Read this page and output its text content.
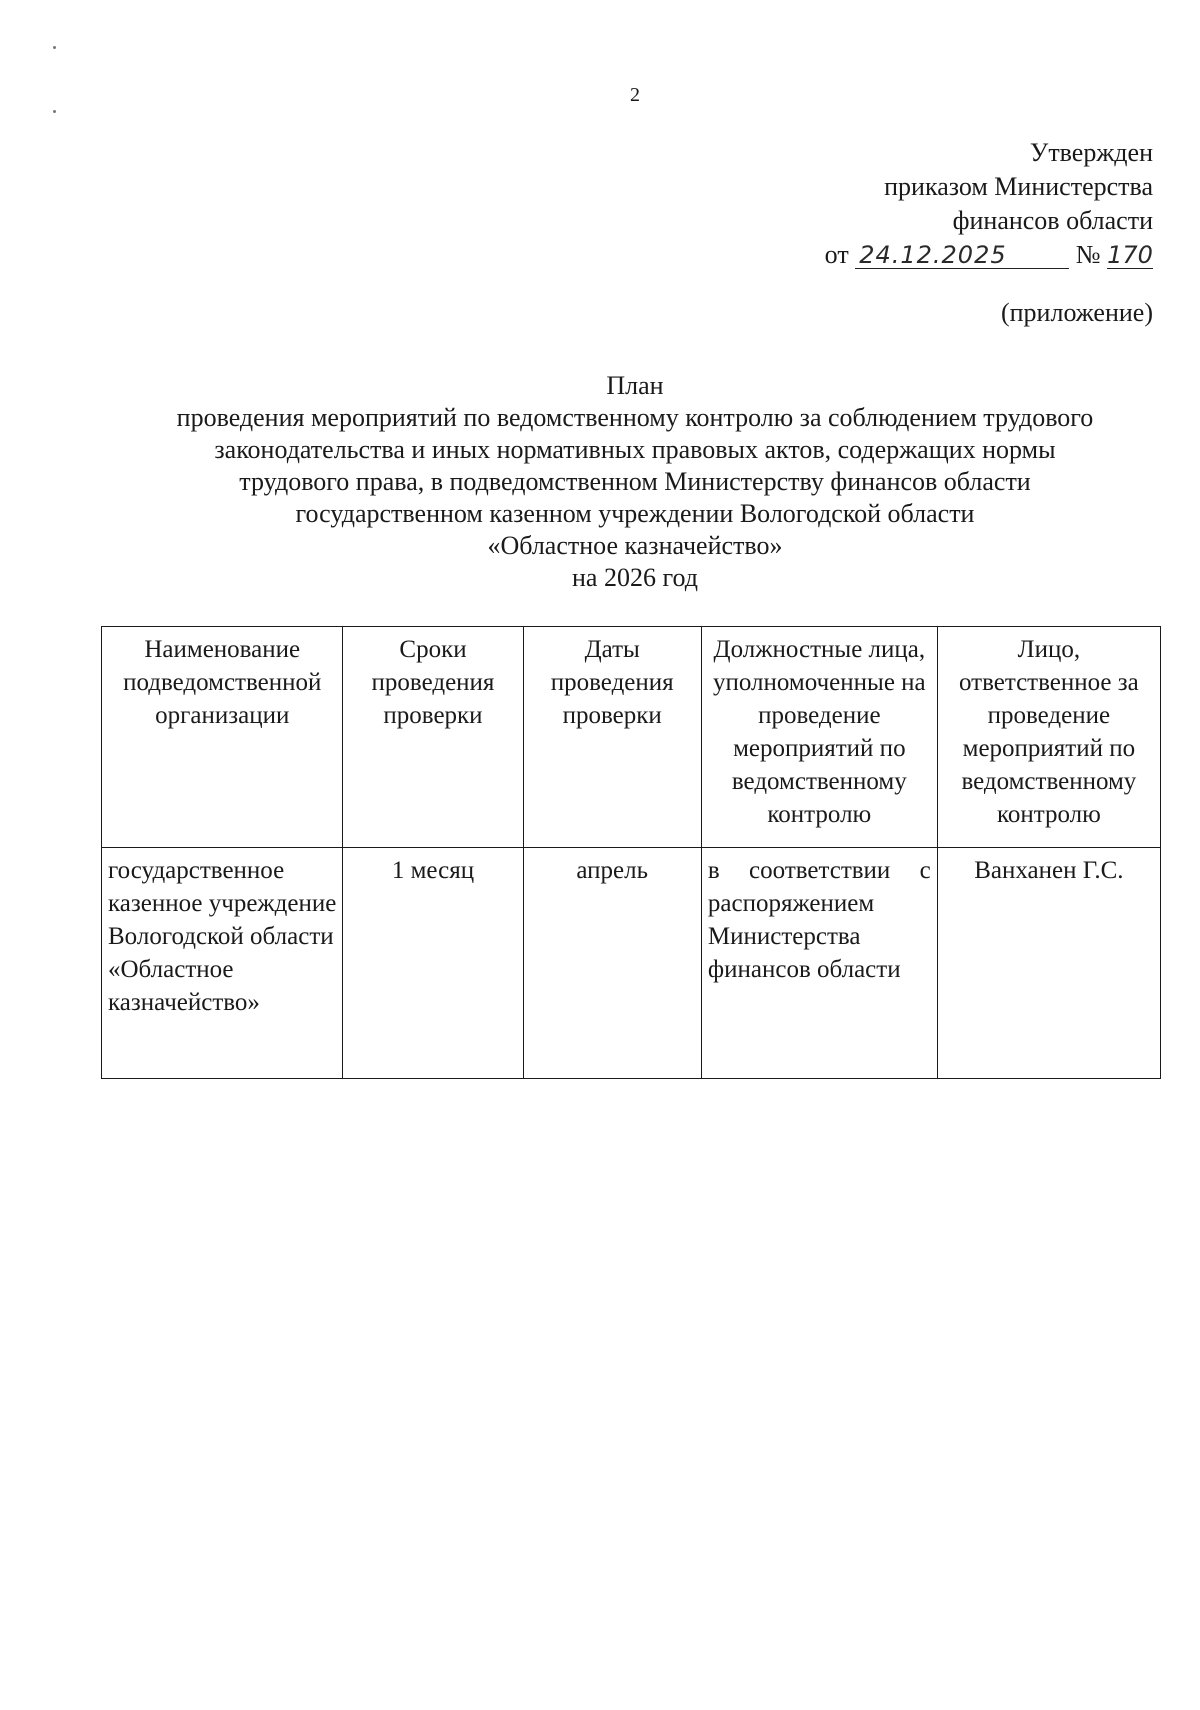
2
Утвержден
приказом Министерства
финансов области
от 24.12.2025	№ 170
(приложение)
План
проведения мероприятий по ведомственному контролю за соблюдением трудового
законодательства и иных нормативных правовых актов, содержащих нормы
трудового права, в подведомственном Министерству финансов области
государственном казенном учреждении Вологодской области
«Областное казначейство»
на 2026 год
Наименование подведомственной организации	Сроки проведения проверки	Даты проведения проверки	Должностные лица, уполномоченные на проведение мероприятий по ведомственному контролю	Лицо, ответственное за проведение мероприятий по ведомственному контролю
государственное казенное учреждение Вологодской области «Областное казначейство»	1 месяц	апрель	в соответствии с распоряжением Министерства финансов области	Ванханен Г.С.
